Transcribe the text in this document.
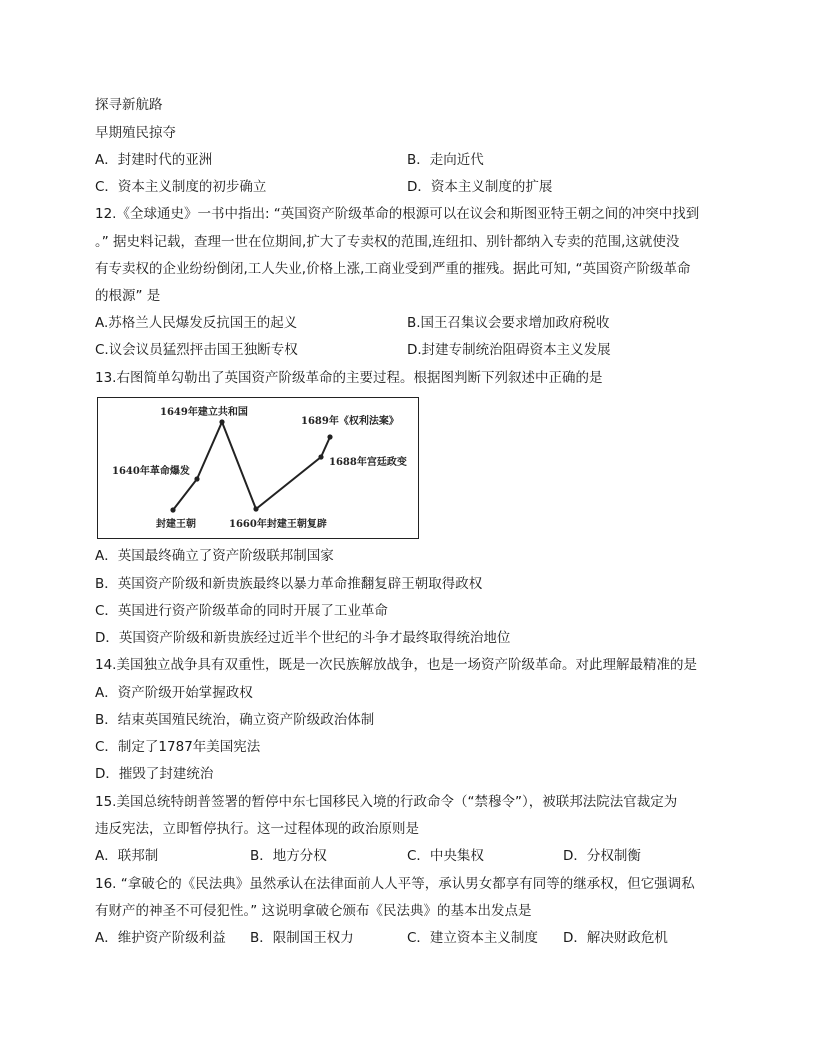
探寻新航路
早期殖民掠夺
A．封建时代的亚洲	B．走向近代
C．资本主义制度的初步确立	D．资本主义制度的扩展
12.《全球通史》一书中指出: “英国资产阶级革命的根源可以在议会和斯图亚特王朝之间的冲突中找到
。” 据史料记载，查理一世在位期间,扩大了专卖权的范围,连纽扣、别针都纳入专卖的范围,这就使没
有专卖权的企业纷纷倒闭,工人失业,价格上涨,工商业受到严重的摧残。据此可知, “英国资产阶级革命
的根源” 是
A.苏格兰人民爆发反抗国王的起义	B.国王召集议会要求增加政府税收
C.议会议员猛烈抨击国王独断专权	D.封建专制统治阻碍资本主义发展
13.右图简单勾勒出了英国资产阶级革命的主要过程。根据图判断下列叙述中正确的是
封建王朝
1640年革命爆发
1649年建立共和国
1660年封建王朝复辟
1688年宫廷政变
1689年《权利法案》
A．英国最终确立了资产阶级联邦制国家
B．英国资产阶级和新贵族最终以暴力革命推翻复辟王朝取得政权
C．英国进行资产阶级革命的同时开展了工业革命
D．英国资产阶级和新贵族经过近半个世纪的斗争才最终取得统治地位
14.美国独立战争具有双重性，既是一次民族解放战争，也是一场资产阶级革命。对此理解最精准的是
A．资产阶级开始掌握政权
B．结束英国殖民统治，确立资产阶级政治体制
C．制定了1787年美国宪法
D．摧毁了封建统治
15.美国总统特朗普签署的暂停中东七国移民入境的行政命令（“禁穆令”），被联邦法院法官裁定为
违反宪法，立即暂停执行。这一过程体现的政治原则是
A．联邦制	B．地方分权	C．中央集权	D．分权制衡
16. “拿破仑的《民法典》虽然承认在法律面前人人平等，承认男女都享有同等的继承权，但它强调私
有财产的神圣不可侵犯性。” 这说明拿破仑颁布《民法典》的基本出发点是
A．维护资产阶级利益 B．限制国王权力	C．建立资本主义制度 D．解决财政危机
